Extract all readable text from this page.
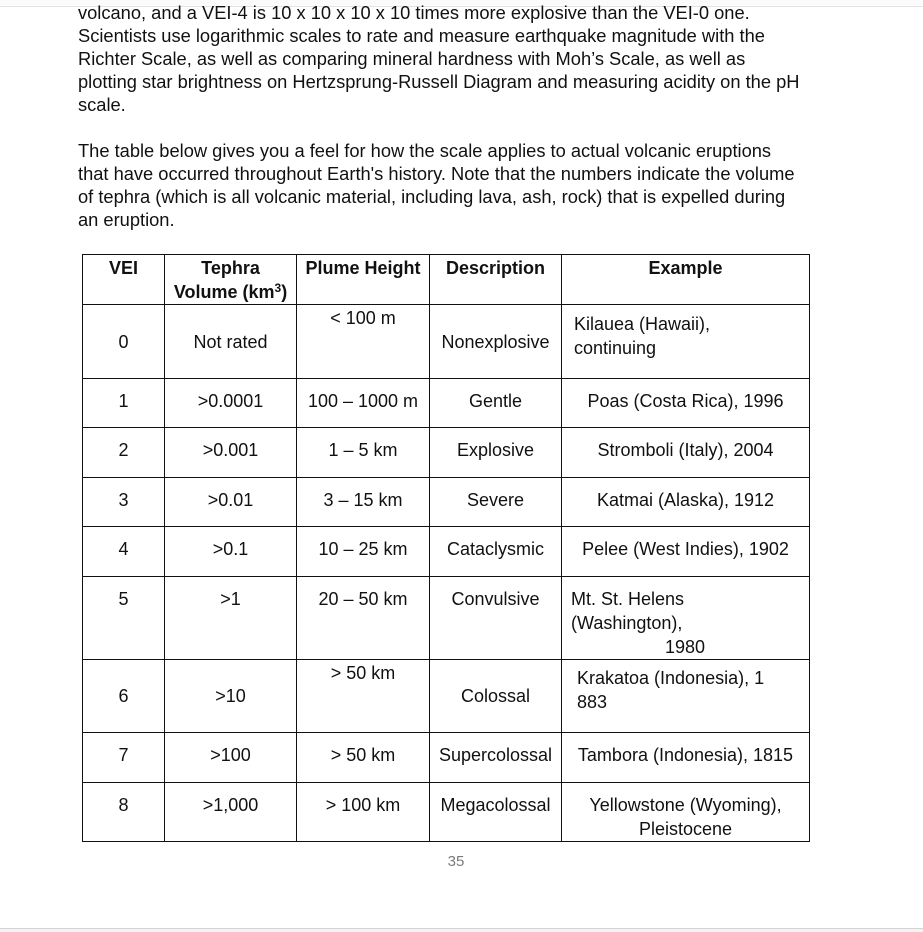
volcano, and a VEI-4 is 10 x 10 x 10 x 10 times more explosive than the VEI-0 one.
Scientists use logarithmic scales to rate and measure earthquake magnitude with the
Richter Scale, as well as comparing mineral hardness with Moh’s Scale, as well as
plotting star brightness on Hertzsprung-Russell Diagram and measuring acidity on the pH
scale.

The table below gives you a feel for how the scale applies to actual volcanic eruptions
that have occurred throughout Earth's history. Note that the numbers indicate the volume
of tephra (which is all volcanic material, including lava, ash, rock) that is expelled during
an eruption.

VEI	Tephra
Volume $(km^3)$	Plume Height	Description	Example
0	Not rated	< 100 m	Nonexplosive	Kilauea (Hawaii),
continuing

1	>0.0001	100 – 1000 m	Gentle	Poas (Costa Rica), 1996
2	>0.001	1 – 5 km	Explosive	Stromboli (Italy), 2004
3	>0.01	3 – 15 km	Severe	Katmai (Alaska), 1912
4	>0.1	10 – 25 km	Cataclysmic	Pelee (West Indies), 1902
5	>1	20 – 50 km	Convulsive	Mt. St. Helens
(Washington),
1980

6	>10	> 50 km	Colossal	Krakatoa (Indonesia), 1
883

7	>100	> 50 km	Supercolossal	Tambora (Indonesia), 1815
8	>1,000	> 100 km	Megacolossal	Yellowstone (Wyoming),
Pleistocene
35
